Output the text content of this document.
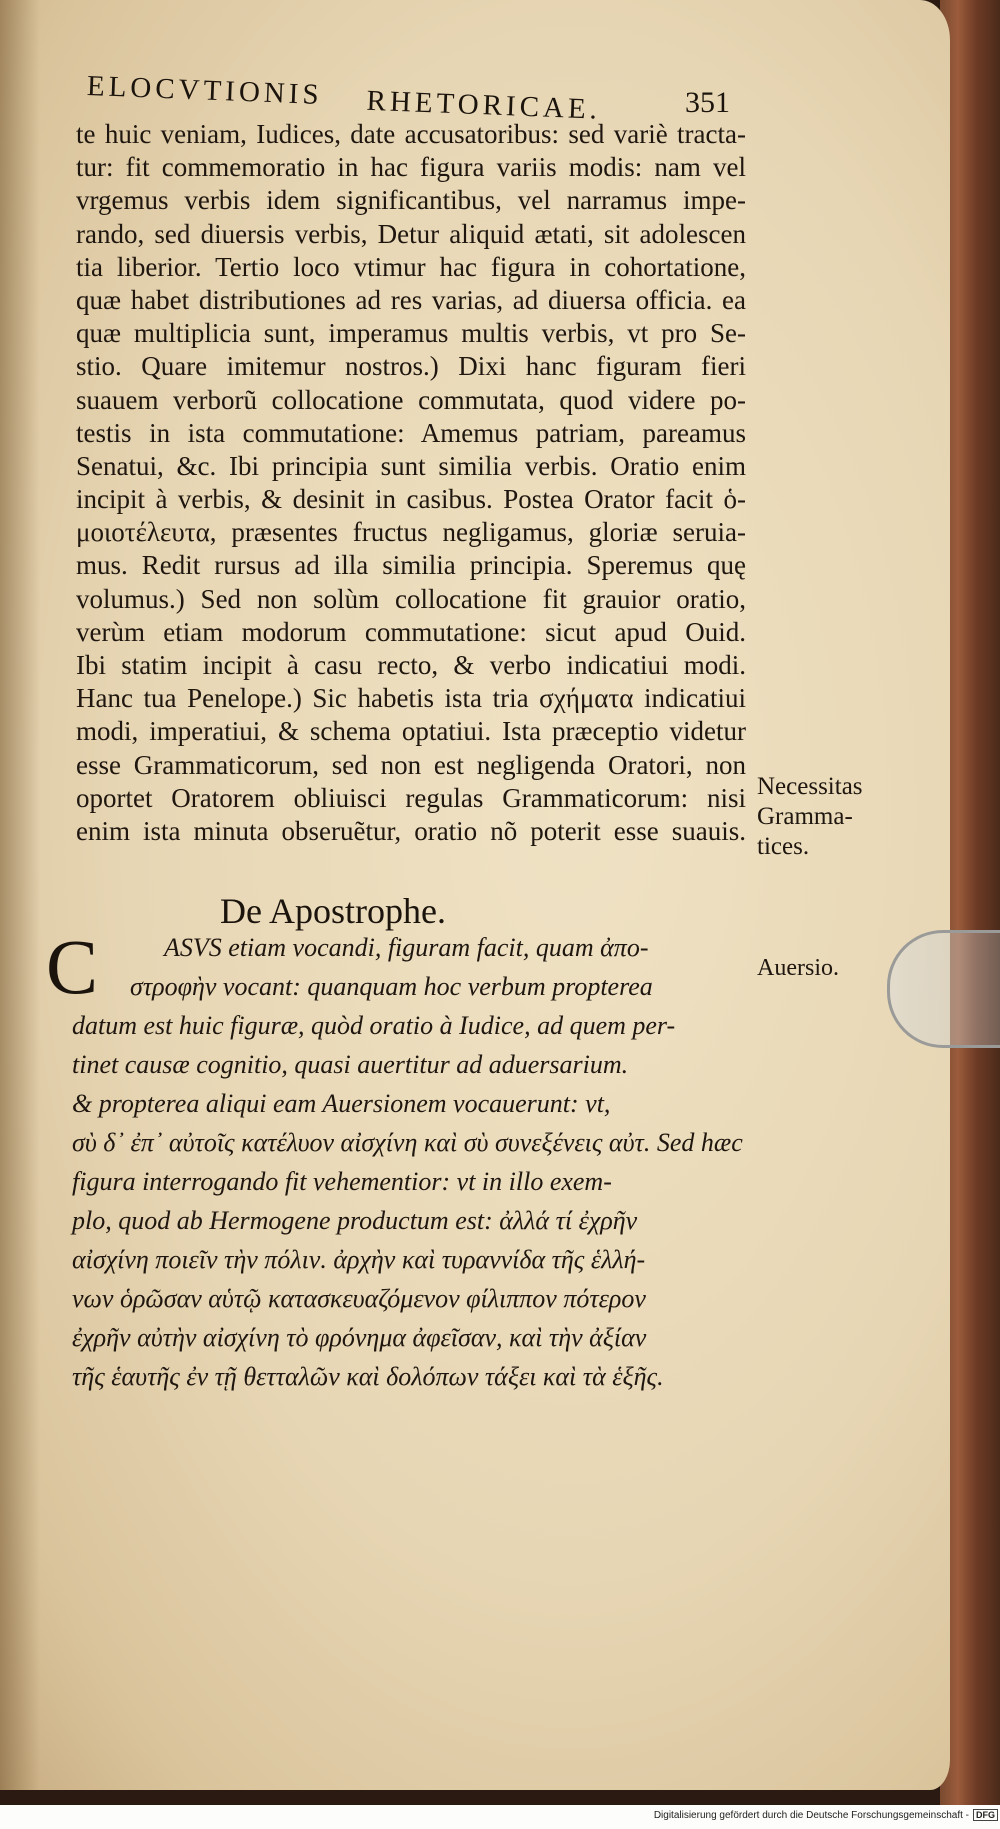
ELOCVTIONIS RHETORICAE.	351
te huic veniam, Iudices, date accusatoribus: sed variè tracta-
tur: fit commemoratio in hac figura variis modis: nam vel
vrgemus verbis idem significantibus, vel narramus impe-
rando, sed diuersis verbis, Detur aliquid ætati, sit adolescen
tia liberior. Tertio loco vtimur hac figura in cohortatione,
quæ habet distributiones ad res varias, ad diuersa officia. ea
quæ multiplicia sunt, imperamus multis verbis, vt pro Se-
stio. Quare imitemur nostros.) Dixi hanc figuram fieri
suauem verborũ collocatione commutata, quod videre po-
testis in ista commutatione: Amemus patriam, pareamus
Senatui, &c. Ibi principia sunt similia verbis. Oratio enim
incipit à verbis, & desinit in casibus. Postea Orator facit ὁ-
μοιοτέλευτα, præsentes fructus negligamus, gloriæ seruia-
mus. Redit rursus ad illa similia principia. Speremus quę
volumus.) Sed non solùm collocatione fit grauior oratio,
verùm etiam modorum commutatione: sicut apud Ouid.
Ibi statim incipit à casu recto, & verbo indicatiui modi.
Hanc tua Penelope.) Sic habetis ista tria σχήματα indicatiui
modi, imperatiui, & schema optatiui. Ista præceptio videtur
esse Grammaticorum, sed non est negligenda Oratori, non
oportet Oratorem obliuisci regulas Grammaticorum: nisi
enim ista minuta obseruẽtur, oratio nõ poterit esse suauis.
Necessitas
Gramma-
tices.
De Apostrophe.
C	ASVS etiam vocandi, figuram facit, quam ἀπο-
στροφὴν vocant: quanquam hoc verbum propterea
datum est huic figuræ, quòd oratio à Iudice, ad quem per-
tinet causæ cognitio, quasi auertitur ad aduersarium.
& propterea aliqui eam Auersionem vocauerunt: vt,
σὺ δ᾽ ἐπ᾽ αὐτοῖς κατέλυον αἰσχίνη καὶ σὺ συνεξένεις αὐτ. Sed hæc
figura interrogando fit vehementior: vt in illo exem-
plo, quod ab Hermogene productum est: ἀλλά τί ἐχρῆν
αἰσχίνη ποιεῖν τὴν πόλιν. ἀρχὴν καὶ τυραννίδα τῆς ἑλλή-
νων ὁρῶσαν αὑτῷ κατασκευαζόμενον φίλιππον πότερον
ἐχρῆν αὐτὴν αἰσχίνη τὸ φρόνημα ἀφεῖσαν, καὶ τὴν ἀξίαν
τῆς ἑαυτῆς ἐν τῇ θετταλῶν καὶ δολόπων τάξει καὶ τὰ ἑξῆς.
Auersio.
Digitalisierung gefördert durch die Deutsche Forschungsgemeinschaft - DFG
